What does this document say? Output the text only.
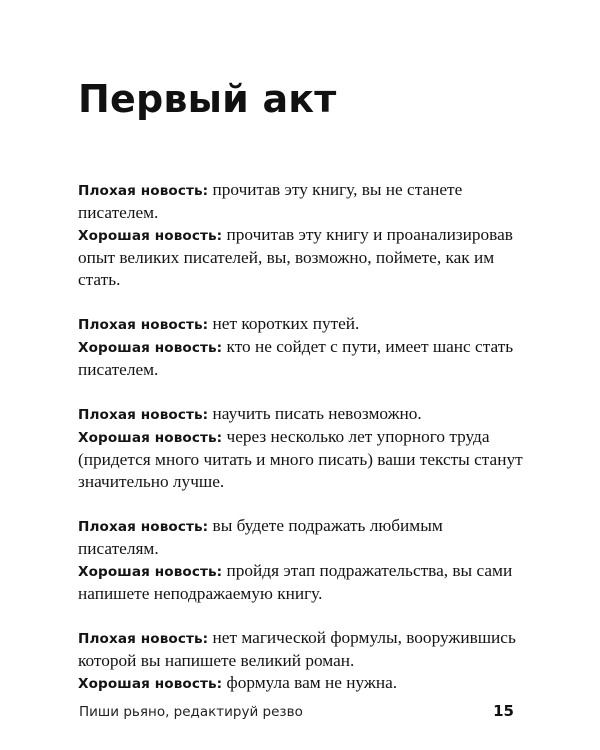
Первый акт

Плохая новость: прочитав эту книгу, вы не станете писателем.

Хорошая новость: прочитав эту книгу и проанализировав опыт великих писателей, вы, возможно, поймете, как им стать.

Плохая новость: нет коротких путей.

Хорошая новость: кто не сойдет с пути, имеет шанс стать писателем.

Плохая новость: научить писать невозможно.

Хорошая новость: через несколько лет упорного труда (придется много читать и много писать) ваши тексты станут значительно лучше.

Плохая новость: вы будете подражать любимым писателям.

Хорошая новость: пройдя этап подражательства, вы сами напишете неподражаемую книгу.

Плохая новость: нет магической формулы, вооружившись которой вы напишете великий роман.

Хорошая новость: формула вам не нужна.

Пиши рьяно, редактируй резво	15
